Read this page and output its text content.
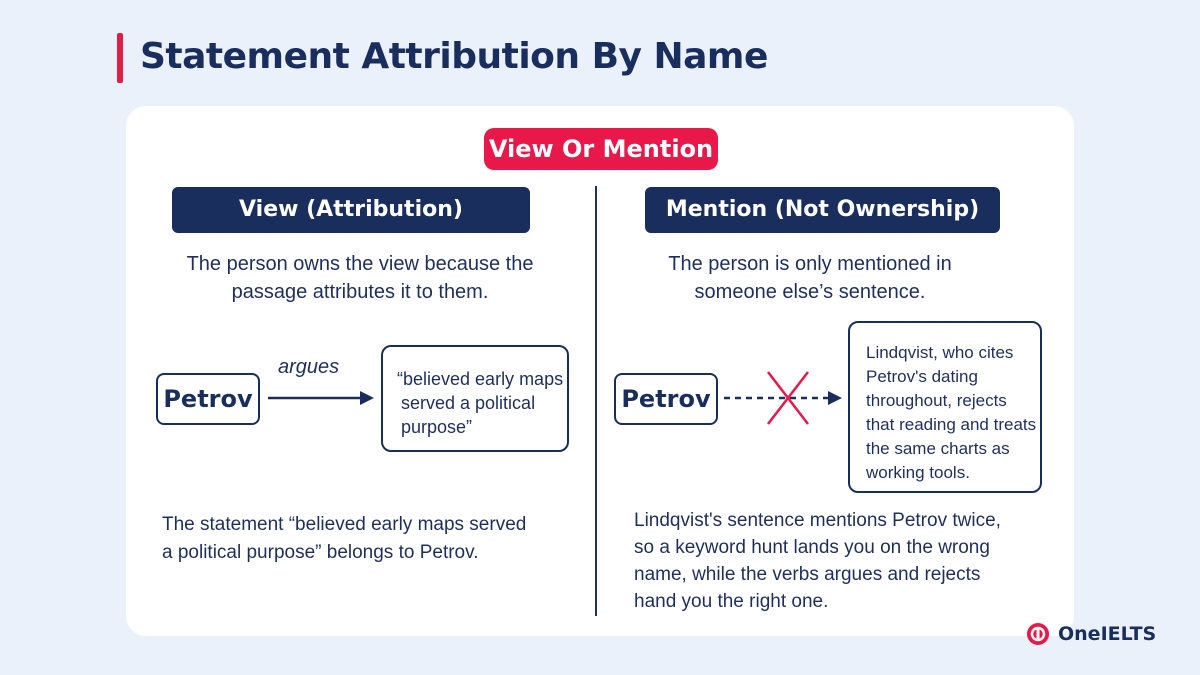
Statement Attribution By Name
View Or Mention
View (Attribution)
The person owns the view because the
passage attributes it to them.
Petrov
argues
“believed early maps
served a political
purpose”
The statement “believed early maps served
a political purpose” belongs to Petrov.
Mention (Not Ownership)
The person is only mentioned in
someone else’s sentence.
Petrov
Lindqvist, who cites
Petrov's dating
throughout, rejects
that reading and treats
the same charts as
working tools.
Lindqvist's sentence mentions Petrov twice,
so a keyword hunt lands you on the wrong
name, while the verbs argues and rejects
hand you the right one.
OneIELTS
